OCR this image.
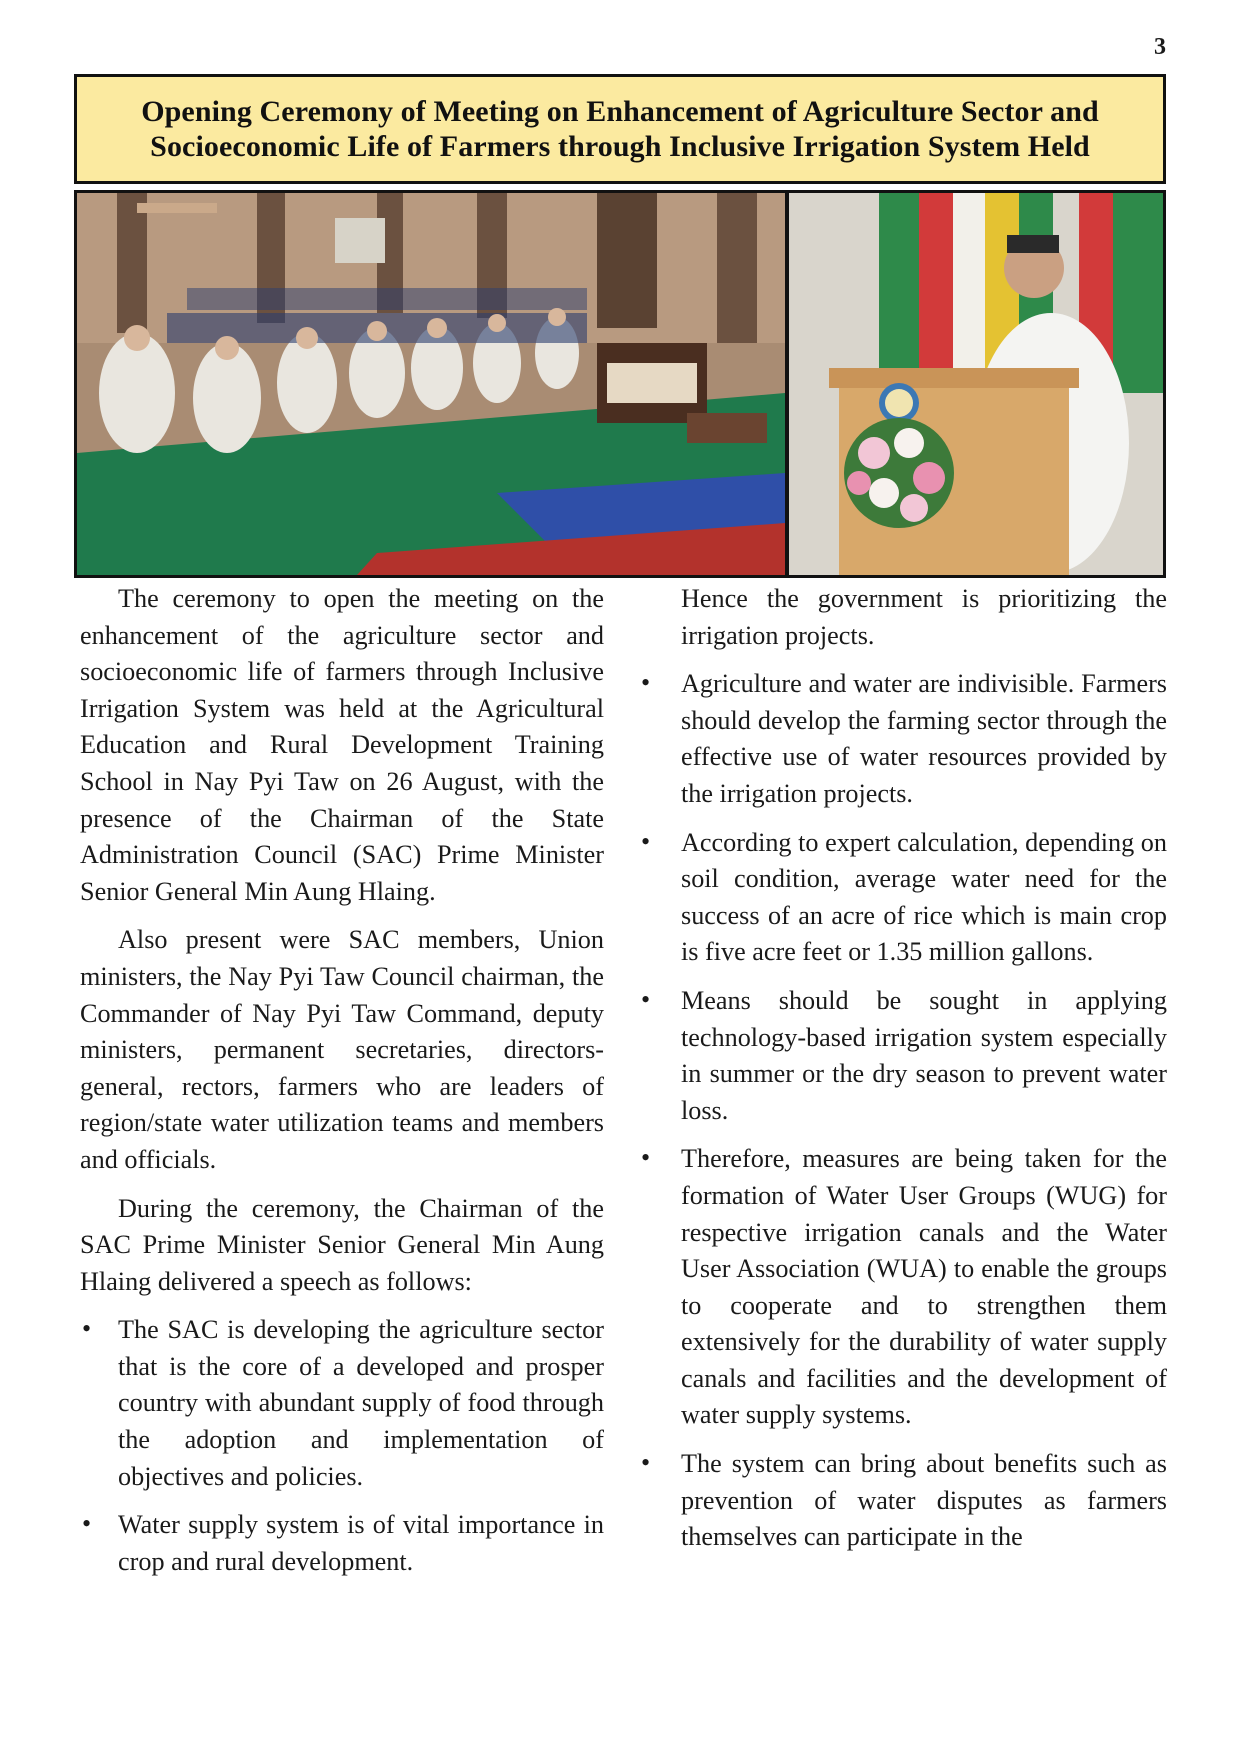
3
Opening Ceremony of Meeting on Enhancement of Agriculture Sector and
Socioeconomic Life of Farmers through Inclusive Irrigation System Held

The ceremony to open the meeting on the enhancement of the agriculture sector and socioeconomic life of farmers through Inclusive Irrigation System was held at the Agricultural Education and Rural Development Training School in Nay Pyi Taw on 26 August, with the presence of the Chairman of the State Administration Council (SAC) Prime Minister Senior General Min Aung Hlaing.

Also present were SAC members, Union ministers, the Nay Pyi Taw Council chairman, the Commander of Nay Pyi Taw Command, deputy ministers, permanent secretaries, directors-general, rectors, farmers who are leaders of region/state water utilization teams and members and officials.

During the ceremony, the Chairman of the SAC Prime Minister Senior General Min Aung Hlaing delivered a speech as follows:

• The SAC is developing the agriculture sector that is the core of a developed and prosper country with abundant supply of food through the adoption and implementation of objectives and policies.
• Water supply system is of vital importance in crop and rural development.

Hence the government is prioritizing the irrigation projects.

• Agriculture and water are indivisible. Farmers should develop the farming sector through the effective use of water resources provided by the irrigation projects.
• According to expert calculation, depending on soil condition, average water need for the success of an acre of rice which is main crop is five acre feet or 1.35 million gallons.
• Means should be sought in applying technology-based irrigation system especially in summer or the dry season to prevent water loss.
• Therefore, measures are being taken for the formation of Water User Groups (WUG) for respective irrigation canals and the Water User Association (WUA) to enable the groups to cooperate and to strengthen them extensively for the durability of water supply canals and facilities and the development of water supply systems.
• The system can bring about benefits such as prevention of water disputes as farmers themselves can participate in the
